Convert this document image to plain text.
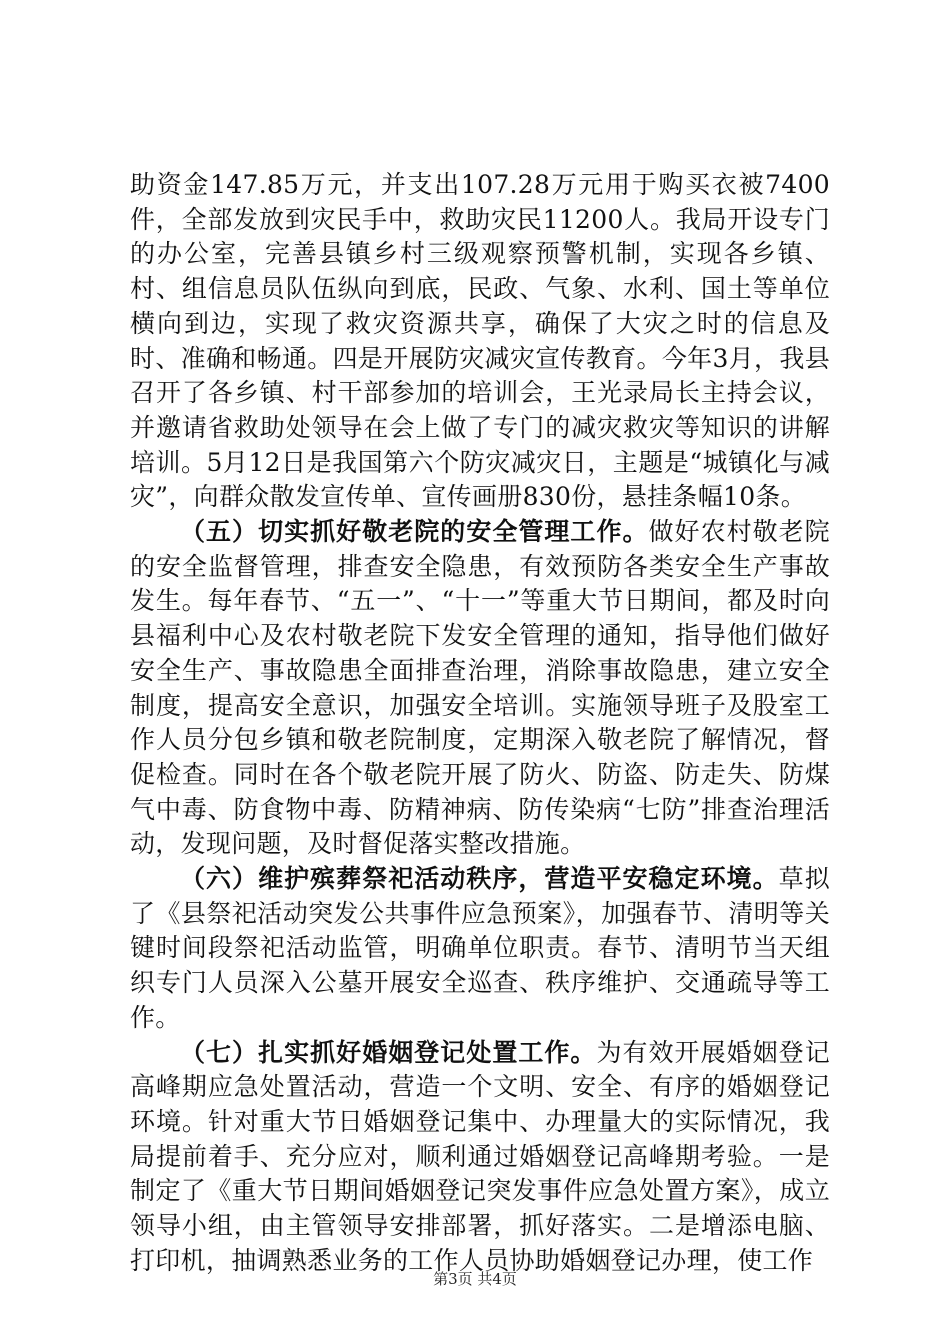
助资金147.85万元，并支出107.28万元用于购买衣被7400件，全部发放到灾民手中，救助灾民11200人。我局开设专门的办公室，完善县镇乡村三级观察预警机制，实现各乡镇、村、组信息员队伍纵向到底，民政、气象、水利、国土等单位横向到边，实现了救灾资源共享，确保了大灾之时的信息及时、准确和畅通。四是开展防灾减灾宣传教育。今年3月，我县召开了各乡镇、村干部参加的培训会，王光录局长主持会议，并邀请省救助处领导在会上做了专门的减灾救灾等知识的讲解培训。5月12日是我国第六个防灾减灾日，主题是“城镇化与减灾”，向群众散发宣传单、宣传画册830份，悬挂条幅10条。

（五）切实抓好敬老院的安全管理工作。做好农村敬老院的安全监督管理，排查安全隐患，有效预防各类安全生产事故发生。每年春节、“五一”、“十一”等重大节日期间，都及时向县福利中心及农村敬老院下发安全管理的通知，指导他们做好安全生产、事故隐患全面排查治理，消除事故隐患，建立安全制度，提高安全意识，加强安全培训。实施领导班子及股室工作人员分包乡镇和敬老院制度，定期深入敬老院了解情况，督促检查。同时在各个敬老院开展了防火、防盗、防走失、防煤气中毒、防食物中毒、防精神病、防传染病“七防”排查治理活动，发现问题，及时督促落实整改措施。

（六）维护殡葬祭祀活动秩序，营造平安稳定环境。草拟了《县祭祀活动突发公共事件应急预案》，加强春节、清明等关键时间段祭祀活动监管，明确单位职责。春节、清明节当天组织专门人员深入公墓开展安全巡查、秩序维护、交通疏导等工作。

（七）扎实抓好婚姻登记处置工作。为有效开展婚姻登记高峰期应急处置活动，营造一个文明、安全、有序的婚姻登记环境。针对重大节日婚姻登记集中、办理量大的实际情况，我局提前着手、充分应对，顺利通过婚姻登记高峰期考验。一是制定了《重大节日期间婚姻登记突发事件应急处置方案》，成立领导小组，由主管领导安排部署，抓好落实。二是增添电脑、打印机，抽调熟悉业务的工作人员协助婚姻登记办理，使工作

第3页 共4页
